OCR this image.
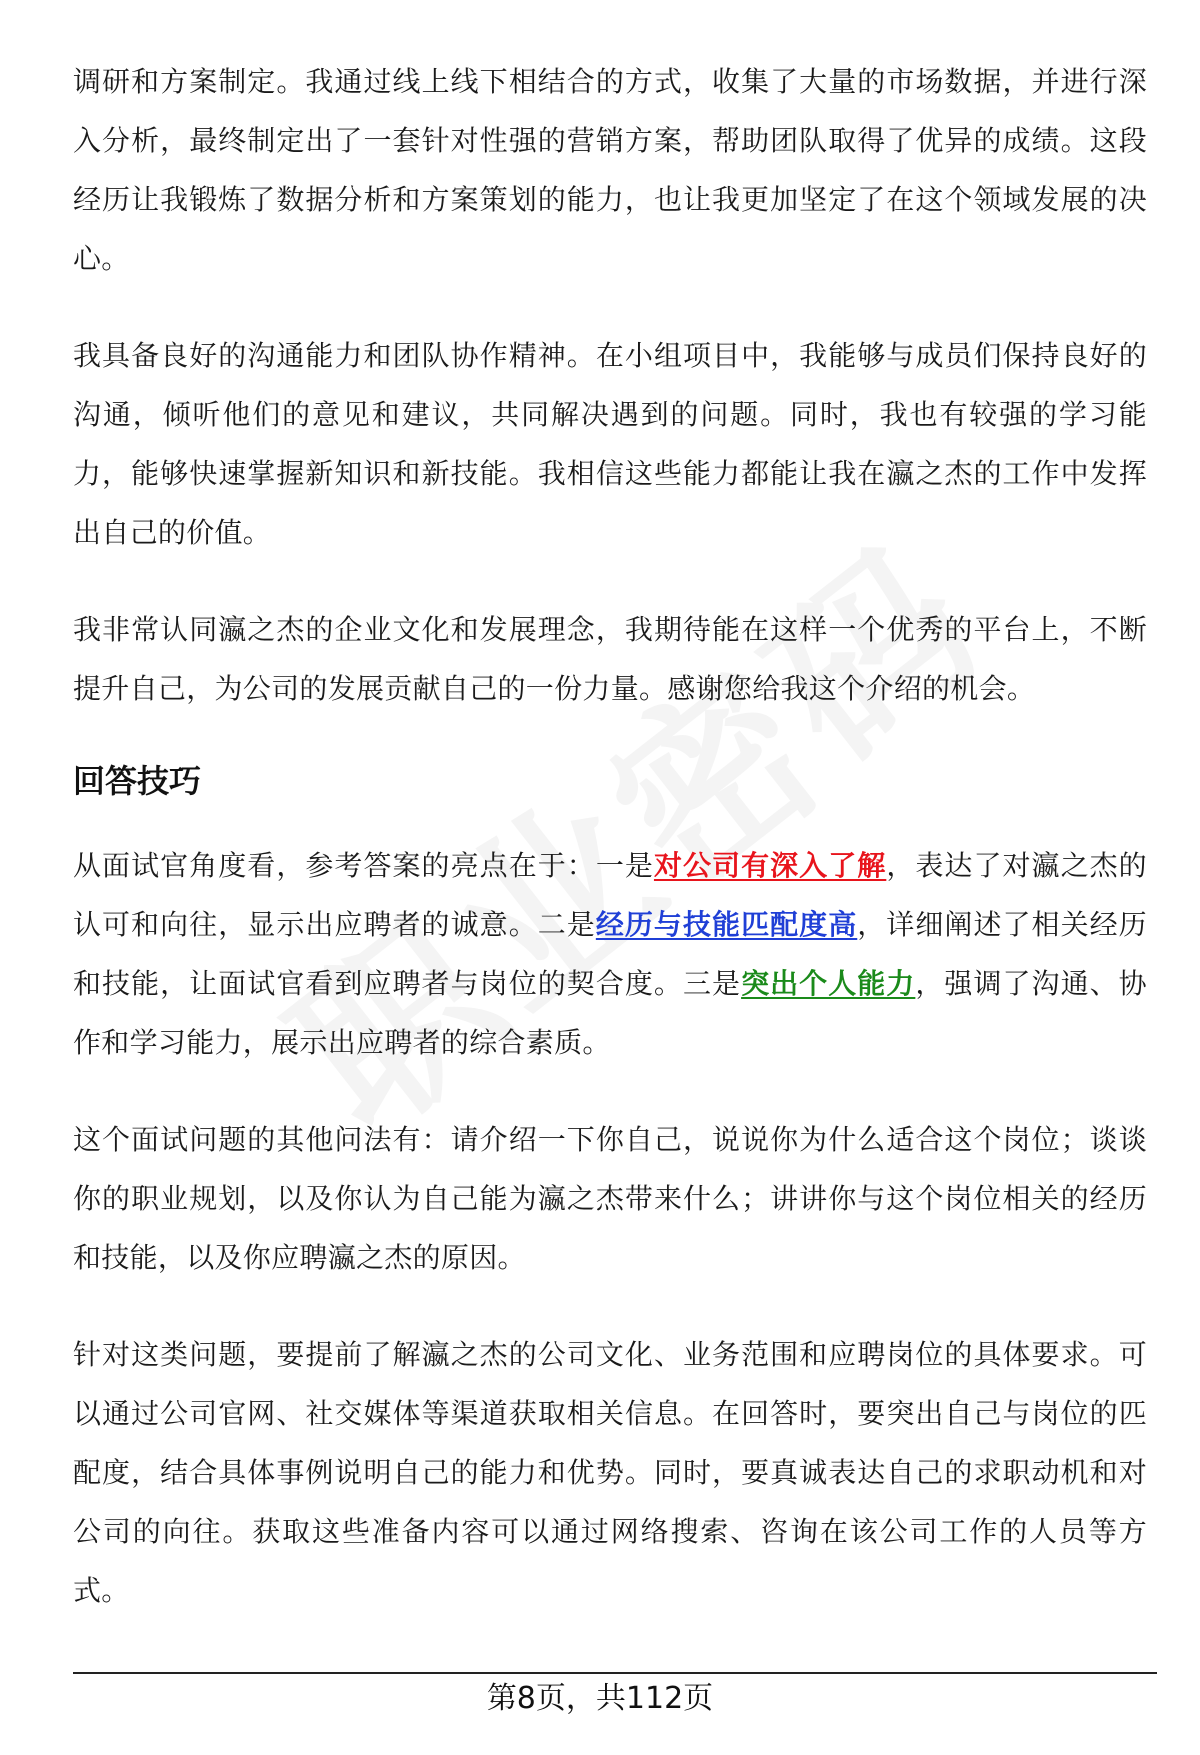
调研和方案制定。我通过线上线下相结合的方式，收集了大量的市场数据，并进行深入分析，最终制定出了一套针对性强的营销方案，帮助团队取得了优异的成绩。这段经历让我锻炼了数据分析和方案策划的能力，也让我更加坚定了在这个领域发展的决心。

我具备良好的沟通能力和团队协作精神。在小组项目中，我能够与成员们保持良好的沟通，倾听他们的意见和建议，共同解决遇到的问题。同时，我也有较强的学习能力，能够快速掌握新知识和新技能。我相信这些能力都能让我在瀛之杰的工作中发挥出自己的价值。

我非常认同瀛之杰的企业文化和发展理念，我期待能在这样一个优秀的平台上，不断提升自己，为公司的发展贡献自己的一份力量。感谢您给我这个介绍的机会。

回答技巧

从面试官角度看，参考答案的亮点在于：一是对公司有深入了解，表达了对瀛之杰的认可和向往，显示出应聘者的诚意。二是经历与技能匹配度高，详细阐述了相关经历和技能，让面试官看到应聘者与岗位的契合度。三是突出个人能力，强调了沟通、协作和学习能力，展示出应聘者的综合素质。

这个面试问题的其他问法有：请介绍一下你自己，说说你为什么适合这个岗位；谈谈你的职业规划，以及你认为自己能为瀛之杰带来什么；讲讲你与这个岗位相关的经历和技能，以及你应聘瀛之杰的原因。

针对这类问题，要提前了解瀛之杰的公司文化、业务范围和应聘岗位的具体要求。可以通过公司官网、社交媒体等渠道获取相关信息。在回答时，要突出自己与岗位的匹配度，结合具体事例说明自己的能力和优势。同时，要真诚表达自己的求职动机和对公司的向往。获取这些准备内容可以通过网络搜索、咨询在该公司工作的人员等方式。

第8页，共112页
